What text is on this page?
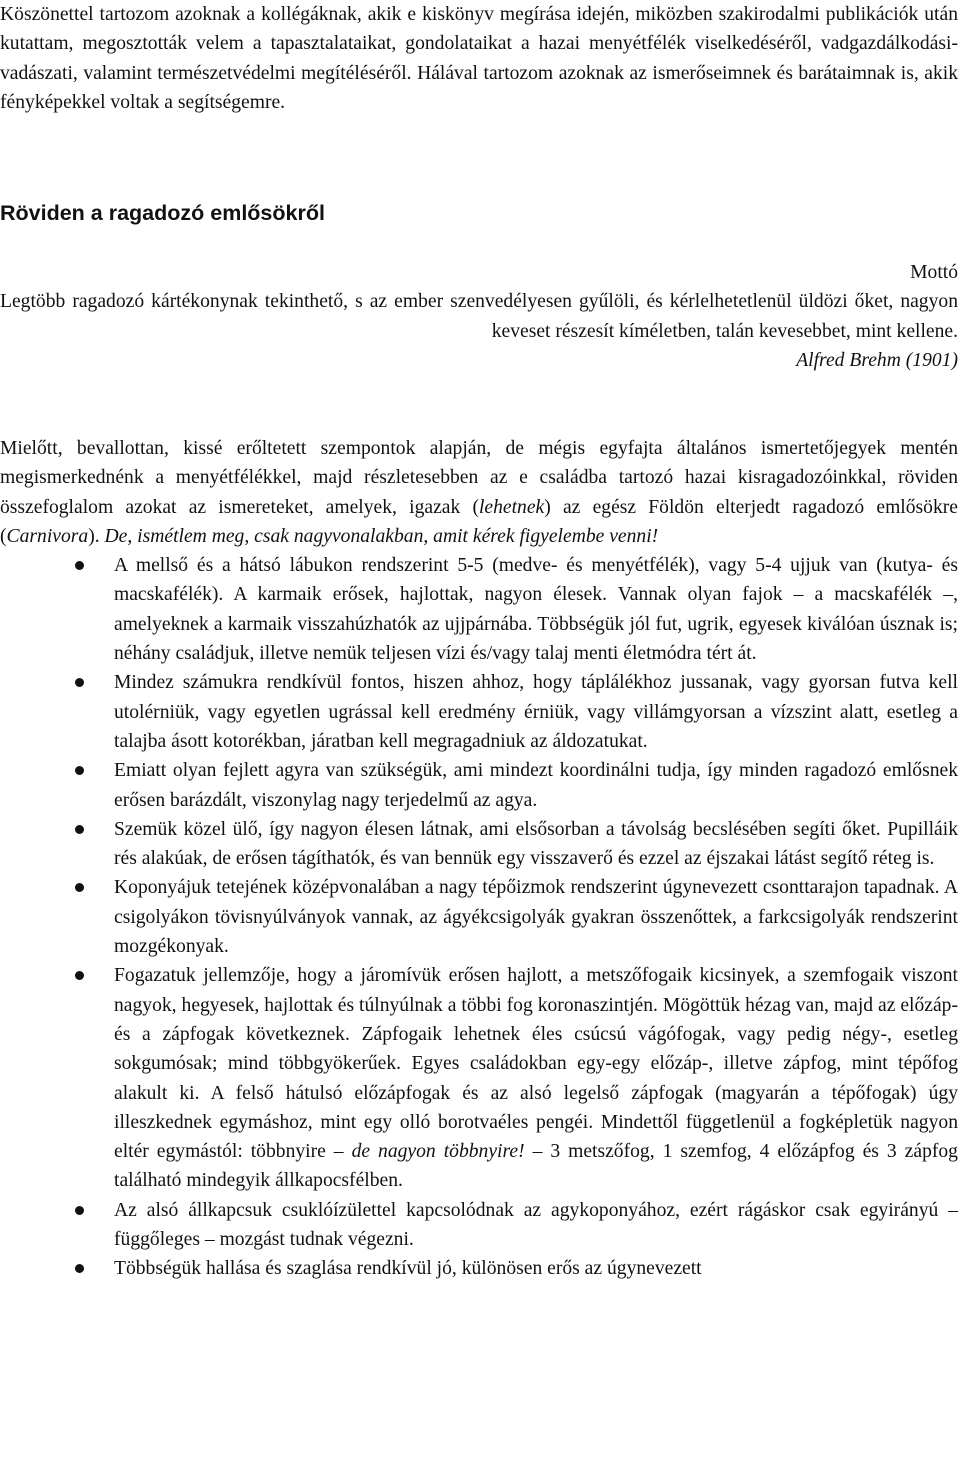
Köszönettel tartozom azoknak a kollégáknak, akik e kiskönyv megírása idején, miközben szakirodalmi publikációk után kutattam, megosztották velem a tapasztalataikat, gondolataikat a hazai menyétfélék viselkedéséről, vadgazdálkodási-vadászati, valamint természetvédelmi megítéléséről. Hálával tartozom azoknak az ismerőseimnek és barátaimnak is, akik fényképekkel voltak a segítségemre.

Röviden a ragadozó emlősökről

Mottó

Legtöbb ragadozó kártékonynak tekinthető, s az ember szenvedélyesen gyűlöli, és kérlelhetetlenül üldözi őket, nagyon keveset részesít kíméletben, talán kevesebbet, mint kellene.

Alfred Brehm (1901)

Mielőtt, bevallottan, kissé erőltetett szempontok alapján, de mégis egyfajta általános ismertetőjegyek mentén megismerkednénk a menyétfélékkel, majd részletesebben az e családba tartozó hazai kisragadozóinkkal, röviden összefoglalom azokat az ismereteket, amelyek, igazak (lehetnek) az egész Földön elterjedt ragadozó emlősökre (Carnivora). De, ismétlem meg, csak nagyvonalakban, amit kérek figyelembe venni!

A mellső és a hátsó lábukon rendszerint 5-5 (medve- és menyétfélék), vagy 5-4 ujjuk van (kutya- és macskafélék). A karmaik erősek, hajlottak, nagyon élesek. Vannak olyan fajok – a macskafélék –, amelyeknek a karmaik visszahúzhatók az ujjpárnába. Többségük jól fut, ugrik, egyesek kiválóan úsznak is; néhány családjuk, illetve nemük teljesen vízi és/vagy talaj menti életmódra tért át.
Mindez számukra rendkívül fontos, hiszen ahhoz, hogy táplálékhoz jussanak, vagy gyorsan futva kell utolérniük, vagy egyetlen ugrással kell eredmény érniük, vagy villámgyorsan a vízszint alatt, esetleg a talajba ásott kotorékban, járatban kell megragadniuk az áldozatukat.
Emiatt olyan fejlett agyra van szükségük, ami mindezt koordinálni tudja, így minden ragadozó emlősnek erősen barázdált, viszonylag nagy terjedelmű az agya.
Szemük közel ülő, így nagyon élesen látnak, ami elsősorban a távolság becslésében segíti őket. Pupilláik rés alakúak, de erősen tágíthatók, és van bennük egy visszaverő és ezzel az éjszakai látást segítő réteg is.
Koponyájuk tetejének középvonalában a nagy tépőizmok rendszerint úgynevezett csonttarajon tapadnak. A csigolyákon tövisnyúlványok vannak, az ágyékcsigolyák gyakran összenőttek, a farkcsigolyák rendszerint mozgékonyak.
Fogazatuk jellemzője, hogy a járomívük erősen hajlott, a metszőfogaik kicsinyek, a szemfogaik viszont nagyok, hegyesek, hajlottak és túlnyúlnak a többi fog koronaszintjén. Mögöttük hézag van, majd az előzáp- és a zápfogak következnek. Zápfogaik lehetnek éles csúcsú vágófogak, vagy pedig négy-, esetleg sokgumósak; mind többgyökerűek. Egyes családokban egy-egy előzáp-, illetve zápfog, mint tépőfog alakult ki. A felső hátulsó előzápfogak és az alsó legelső zápfogak (magyarán a tépőfogak) úgy illeszkednek egymáshoz, mint egy olló borotvaéles pengéi. Mindettől függetlenül a fogképletük nagyon eltér egymástól: többnyire – de nagyon többnyire! – 3 metszőfog, 1 szemfog, 4 előzápfog és 3 zápfog található mindegyik állkapocsfélben.
Az alsó állkapcsuk csuklóízülettel kapcsolódnak az agykoponyához, ezért rágáskor csak egyirányú – függőleges – mozgást tudnak végezni.
Többségük hallása és szaglása rendkívül jó, különösen erős az úgynevezett
